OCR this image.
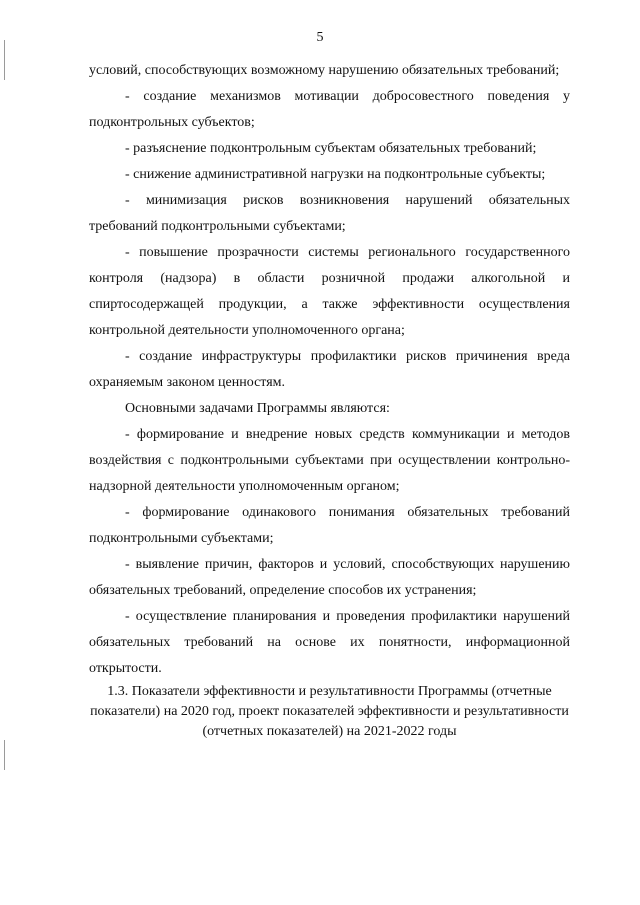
5

условий, способствующих возможному нарушению обязательных требований;

- создание механизмов мотивации добросовестного поведения у подконтрольных субъектов;

- разъяснение подконтрольным субъектам обязательных требований;

- снижение административной нагрузки на подконтрольные субъекты;

- минимизация рисков возникновения нарушений обязательных требований подконтрольными субъектами;

- повышение прозрачности системы регионального государственного контроля (надзора) в области розничной продажи алкогольной и спиртосодержащей продукции, а также эффективности осуществления контрольной деятельности уполномоченного органа;

- создание инфраструктуры профилактики рисков причинения вреда охраняемым законом ценностям.

Основными задачами Программы являются:

- формирование и внедрение новых средств коммуникации и методов воздействия с подконтрольными субъектами при осуществлении контрольно-надзорной деятельности уполномоченным органом;

- формирование одинакового понимания обязательных требований подконтрольными субъектами;

- выявление причин, факторов и условий, способствующих нарушению обязательных требований, определение способов их устранения;

- осуществление планирования и проведения профилактики нарушений обязательных требований на основе их понятности, информационной открытости.

1.3. Показатели эффективности и результативности Программы (отчетные показатели) на 2020 год, проект показателей эффективности и результативности (отчетных показателей) на 2021-2022 годы
